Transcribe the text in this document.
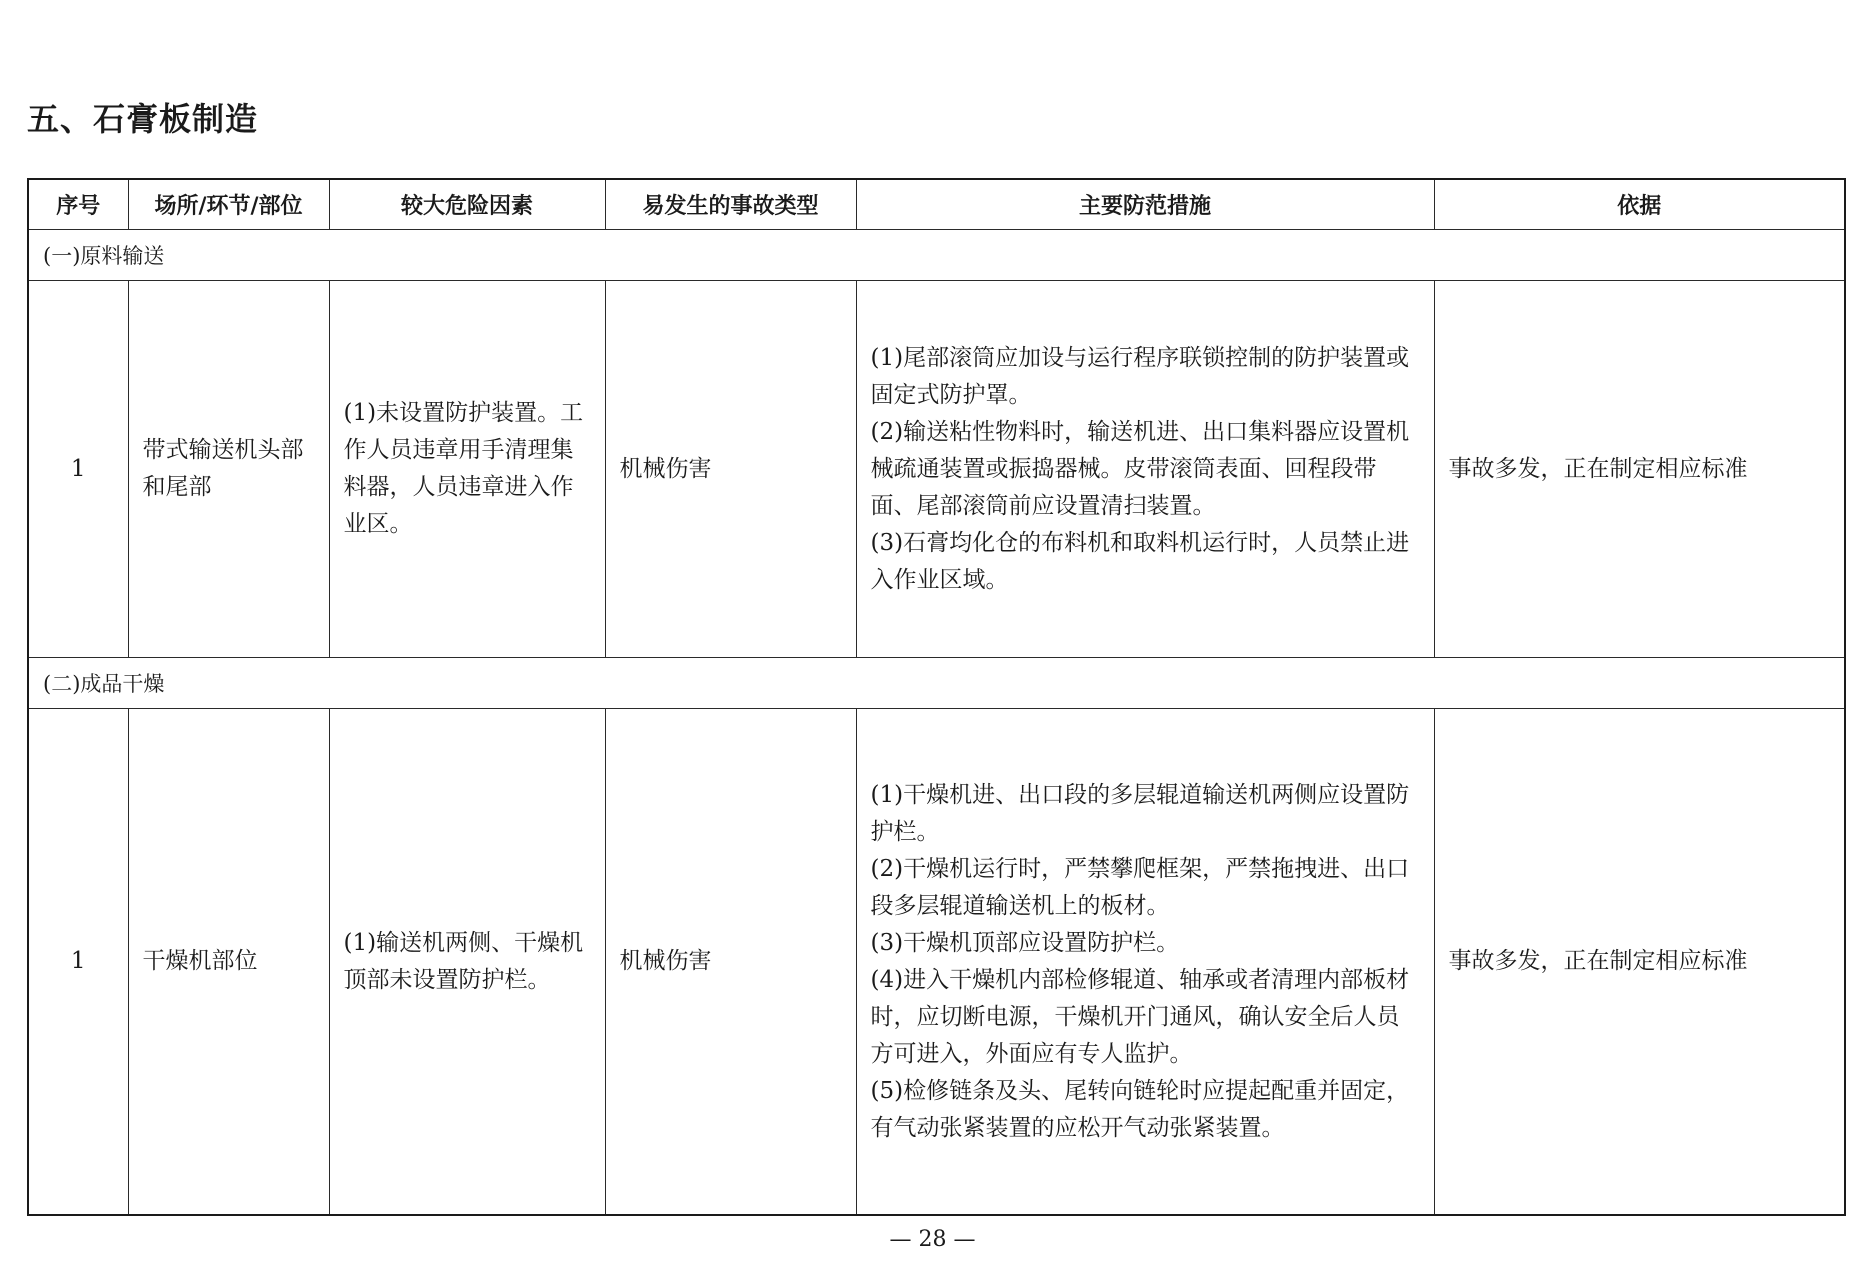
五、石膏板制造
序号	场所/环节/部位	较大危险因素	易发生的事故类型	主要防范措施	依据
(一)原料输送					
1	带式输送机头部和尾部	(1)未设置防护装置。工作人员违章用手清理集料器，人员违章进入作业区。	机械伤害	(1)尾部滚筒应加设与运行程序联锁控制的防护装置或固定式防护罩。
(2)输送粘性物料时，输送机进、出口集料器应设置机械疏通装置或振捣器械。皮带滚筒表面、回程段带面、尾部滚筒前应设置清扫装置。
(3)石膏均化仓的布料机和取料机运行时，人员禁止进入作业区域。	事故多发，正在制定相应标准
(二)成品干燥					
1	干燥机部位	(1)输送机两侧、干燥机顶部未设置防护栏。	机械伤害	(1)干燥机进、出口段的多层辊道输送机两侧应设置防护栏。
(2)干燥机运行时，严禁攀爬框架，严禁拖拽进、出口段多层辊道输送机上的板材。
(3)干燥机顶部应设置防护栏。
(4)进入干燥机内部检修辊道、轴承或者清理内部板材时，应切断电源，干燥机开门通风，确认安全后人员方可进入，外面应有专人监护。
(5)检修链条及头、尾转向链轮时应提起配重并固定，有气动张紧装置的应松开气动张紧装置。	事故多发，正在制定相应标准
— 28 —
